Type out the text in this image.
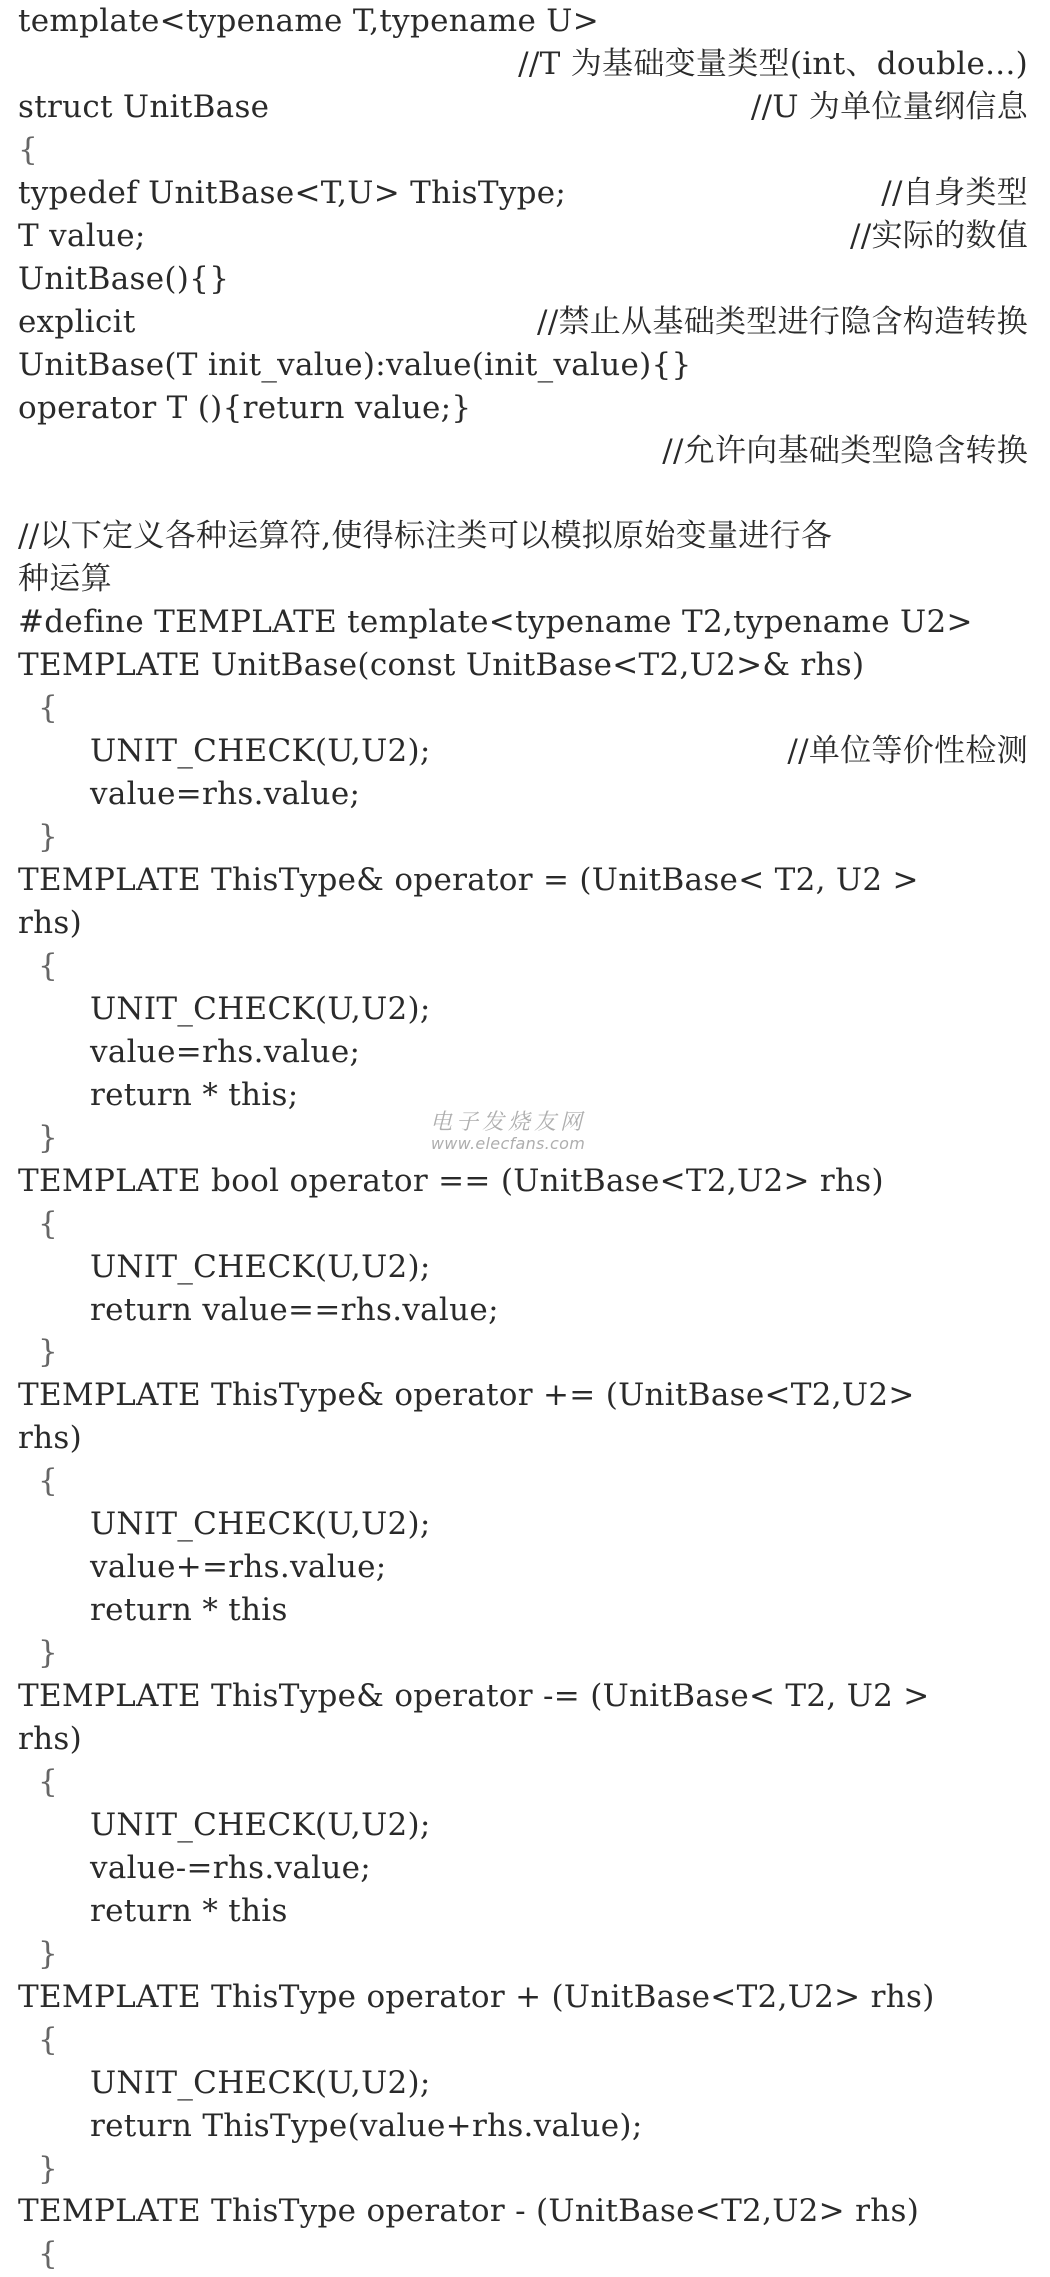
template<typename T,typename U>
//T 为基础变量类型(int、double...)
struct UnitBase	//U 为单位量纲信息
{
typedef UnitBase<T,U> ThisType;	//自身类型
T value;	//实际的数值
UnitBase(){}
explicit	//禁止从基础类型进行隐含构造转换
UnitBase(T init_value):value(init_value){}
operator T (){return value;}
//允许向基础类型隐含转换
//以下定义各种运算符,使得标注类可以模拟原始变量进行各
种运算
#define TEMPLATE template<typename T2,typename U2>
TEMPLATE UnitBase(const UnitBase<T2,U2>& rhs)
{
UNIT_CHECK(U,U2);	//单位等价性检测
value=rhs.value;
}
TEMPLATE ThisType& operator = (UnitBase< T2, U2 >
rhs)
{
UNIT_CHECK(U,U2);
value=rhs.value;
return * this;
}
TEMPLATE bool operator == (UnitBase<T2,U2> rhs)
{
UNIT_CHECK(U,U2);
return value==rhs.value;
}
TEMPLATE ThisType& operator += (UnitBase<T2,U2>
rhs)
{
UNIT_CHECK(U,U2);
value+=rhs.value;
return * this
}
TEMPLATE ThisType& operator -= (UnitBase< T2, U2 >
rhs)
{
UNIT_CHECK(U,U2);
value-=rhs.value;
return * this
}
TEMPLATE ThisType operator + (UnitBase<T2,U2> rhs)
{
UNIT_CHECK(U,U2);
return ThisType(value+rhs.value);
}
TEMPLATE ThisType operator - (UnitBase<T2,U2> rhs)
{
电子发烧友网
www.elecfans.com
